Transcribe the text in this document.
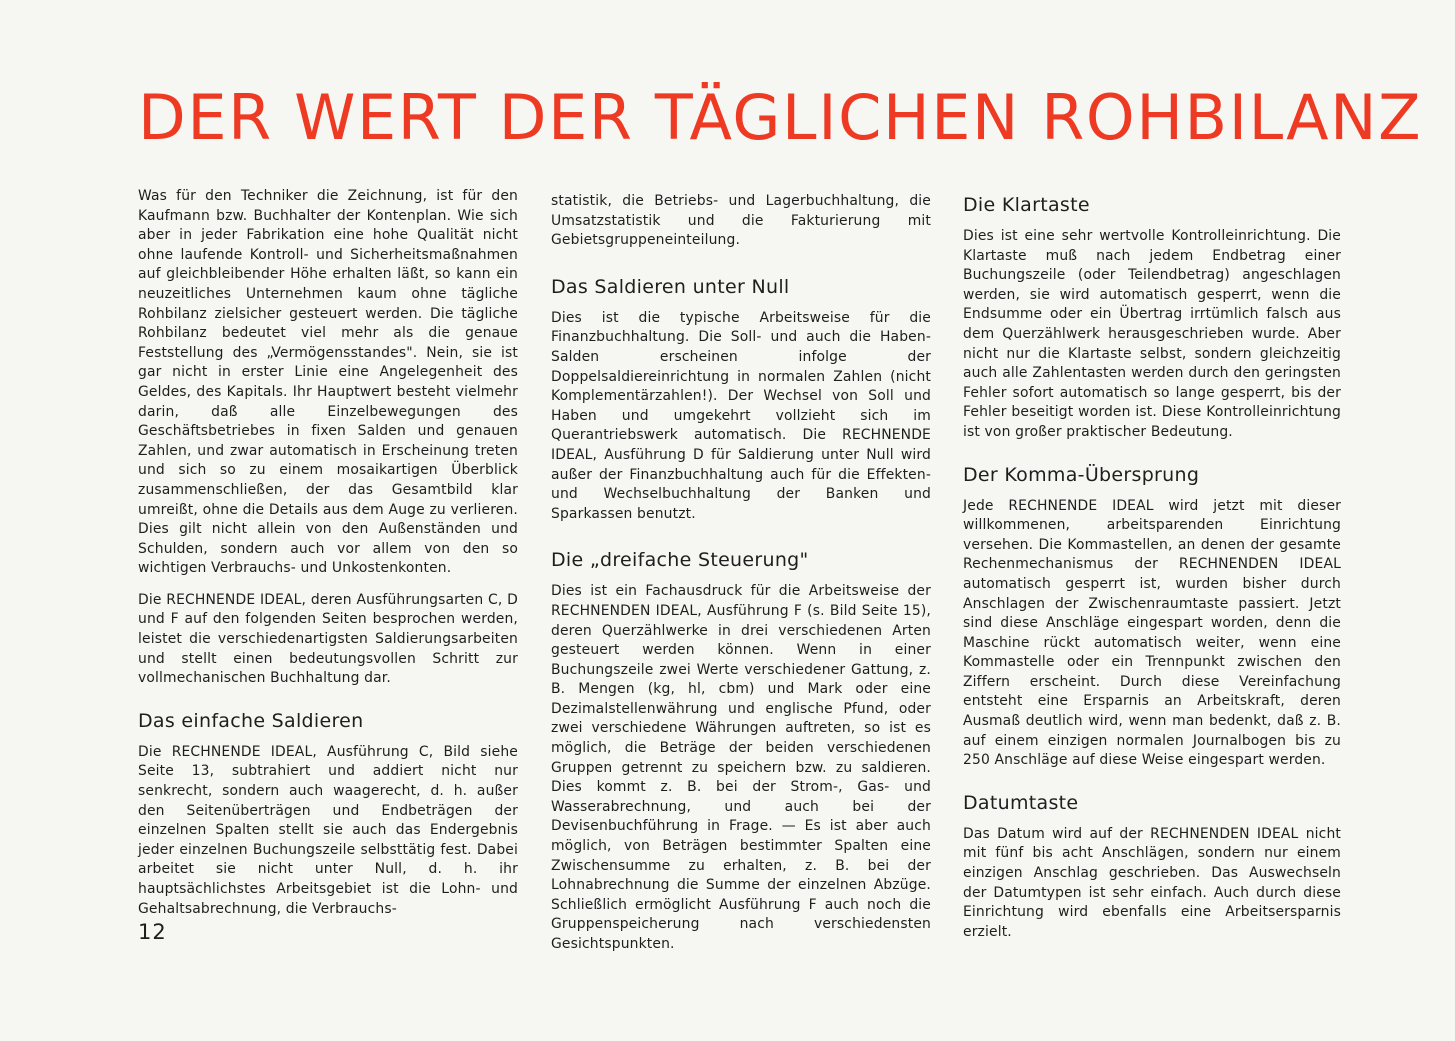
DER WERT DER TÄGLICHEN ROHBILANZ

Was für den Techniker die Zeichnung, ist für den Kaufmann bzw. Buchhalter der Kontenplan. Wie sich aber in jeder Fabrikation eine hohe Qualität nicht ohne laufende Kontroll- und Sicherheitsmaßnahmen auf gleichbleibender Höhe erhalten läßt, so kann ein neuzeitliches Unternehmen kaum ohne tägliche Rohbilanz zielsicher gesteuert werden. Die tägliche Rohbilanz bedeutet viel mehr als die genaue Feststellung des „Vermögensstandes". Nein, sie ist gar nicht in erster Linie eine Angelegenheit des Geldes, des Kapitals. Ihr Hauptwert besteht vielmehr darin, daß alle Einzelbewegungen des Geschäftsbetriebes in fixen Salden und genauen Zahlen, und zwar automatisch in Erscheinung treten und sich so zu einem mosaikartigen Überblick zusammenschließen, der das Gesamtbild klar umreißt, ohne die Details aus dem Auge zu verlieren. Dies gilt nicht allein von den Außenständen und Schulden, sondern auch vor allem von den so wichtigen Verbrauchs- und Unkostenkonten.

Die RECHNENDE IDEAL, deren Ausführungsarten C, D und F auf den folgenden Seiten besprochen werden, leistet die verschiedenartigsten Saldierungsarbeiten und stellt einen bedeutungsvollen Schritt zur vollmechanischen Buchhaltung dar.

Das einfache Saldieren

Die RECHNENDE IDEAL, Ausführung C, Bild siehe Seite 13, subtrahiert und addiert nicht nur senkrecht, sondern auch waagerecht, d. h. außer den Seitenüberträgen und Endbeträgen der einzelnen Spalten stellt sie auch das Endergebnis jeder einzelnen Buchungszeile selbsttätig fest. Dabei arbeitet sie nicht unter Null, d. h. ihr hauptsächlichstes Arbeitsgebiet ist die Lohn- und Gehaltsabrechnung, die Verbrauchs-

statistik, die Betriebs- und Lagerbuchhaltung, die Umsatzstatistik und die Fakturierung mit Gebietsgruppeneinteilung.

Das Saldieren unter Null

Dies ist die typische Arbeitsweise für die Finanzbuchhaltung. Die Soll- und auch die Haben-Salden erscheinen infolge der Doppelsaldiereinrichtung in normalen Zahlen (nicht Komplementärzahlen!). Der Wechsel von Soll und Haben und umgekehrt vollzieht sich im Querantriebswerk automatisch. Die RECHNENDE IDEAL, Ausführung D für Saldierung unter Null wird außer der Finanzbuchhaltung auch für die Effekten- und Wechselbuchhaltung der Banken und Sparkassen benutzt.

Die „dreifache Steuerung"

Dies ist ein Fachausdruck für die Arbeitsweise der RECHNENDEN IDEAL, Ausführung F (s. Bild Seite 15), deren Querzählwerke in drei verschiedenen Arten gesteuert werden können. Wenn in einer Buchungszeile zwei Werte verschiedener Gattung, z. B. Mengen (kg, hl, cbm) und Mark oder eine Dezimalstellenwährung und englische Pfund, oder zwei verschiedene Währungen auftreten, so ist es möglich, die Beträge der beiden verschiedenen Gruppen getrennt zu speichern bzw. zu saldieren. Dies kommt z. B. bei der Strom-, Gas- und Wasserabrechnung, und auch bei der Devisenbuchführung in Frage. — Es ist aber auch möglich, von Beträgen bestimmter Spalten eine Zwischensumme zu erhalten, z. B. bei der Lohnabrechnung die Summe der einzelnen Abzüge. Schließlich ermöglicht Ausführung F auch noch die Gruppenspeicherung nach verschiedensten Gesichtspunkten.

Die Klartaste

Dies ist eine sehr wertvolle Kontrolleinrichtung. Die Klartaste muß nach jedem Endbetrag einer Buchungszeile (oder Teilendbetrag) angeschlagen werden, sie wird automatisch gesperrt, wenn die Endsumme oder ein Übertrag irrtümlich falsch aus dem Querzählwerk herausgeschrieben wurde. Aber nicht nur die Klartaste selbst, sondern gleichzeitig auch alle Zahlentasten werden durch den geringsten Fehler sofort automatisch so lange gesperrt, bis der Fehler beseitigt worden ist. Diese Kontrolleinrichtung ist von großer praktischer Bedeutung.

Der Komma-Übersprung

Jede RECHNENDE IDEAL wird jetzt mit dieser willkommenen, arbeitsparenden Einrichtung versehen. Die Kommastellen, an denen der gesamte Rechenmechanismus der RECHNENDEN IDEAL automatisch gesperrt ist, wurden bisher durch Anschlagen der Zwischenraumtaste passiert. Jetzt sind diese Anschläge eingespart worden, denn die Maschine rückt automatisch weiter, wenn eine Kommastelle oder ein Trennpunkt zwischen den Ziffern erscheint. Durch diese Vereinfachung entsteht eine Ersparnis an Arbeitskraft, deren Ausmaß deutlich wird, wenn man bedenkt, daß z. B. auf einem einzigen normalen Journalbogen bis zu 250 Anschläge auf diese Weise eingespart werden.

Datumtaste

Das Datum wird auf der RECHNENDEN IDEAL nicht mit fünf bis acht Anschlägen, sondern nur einem einzigen Anschlag geschrieben. Das Auswechseln der Datumtypen ist sehr einfach. Auch durch diese Einrichtung wird ebenfalls eine Arbeitsersparnis erzielt.

12
